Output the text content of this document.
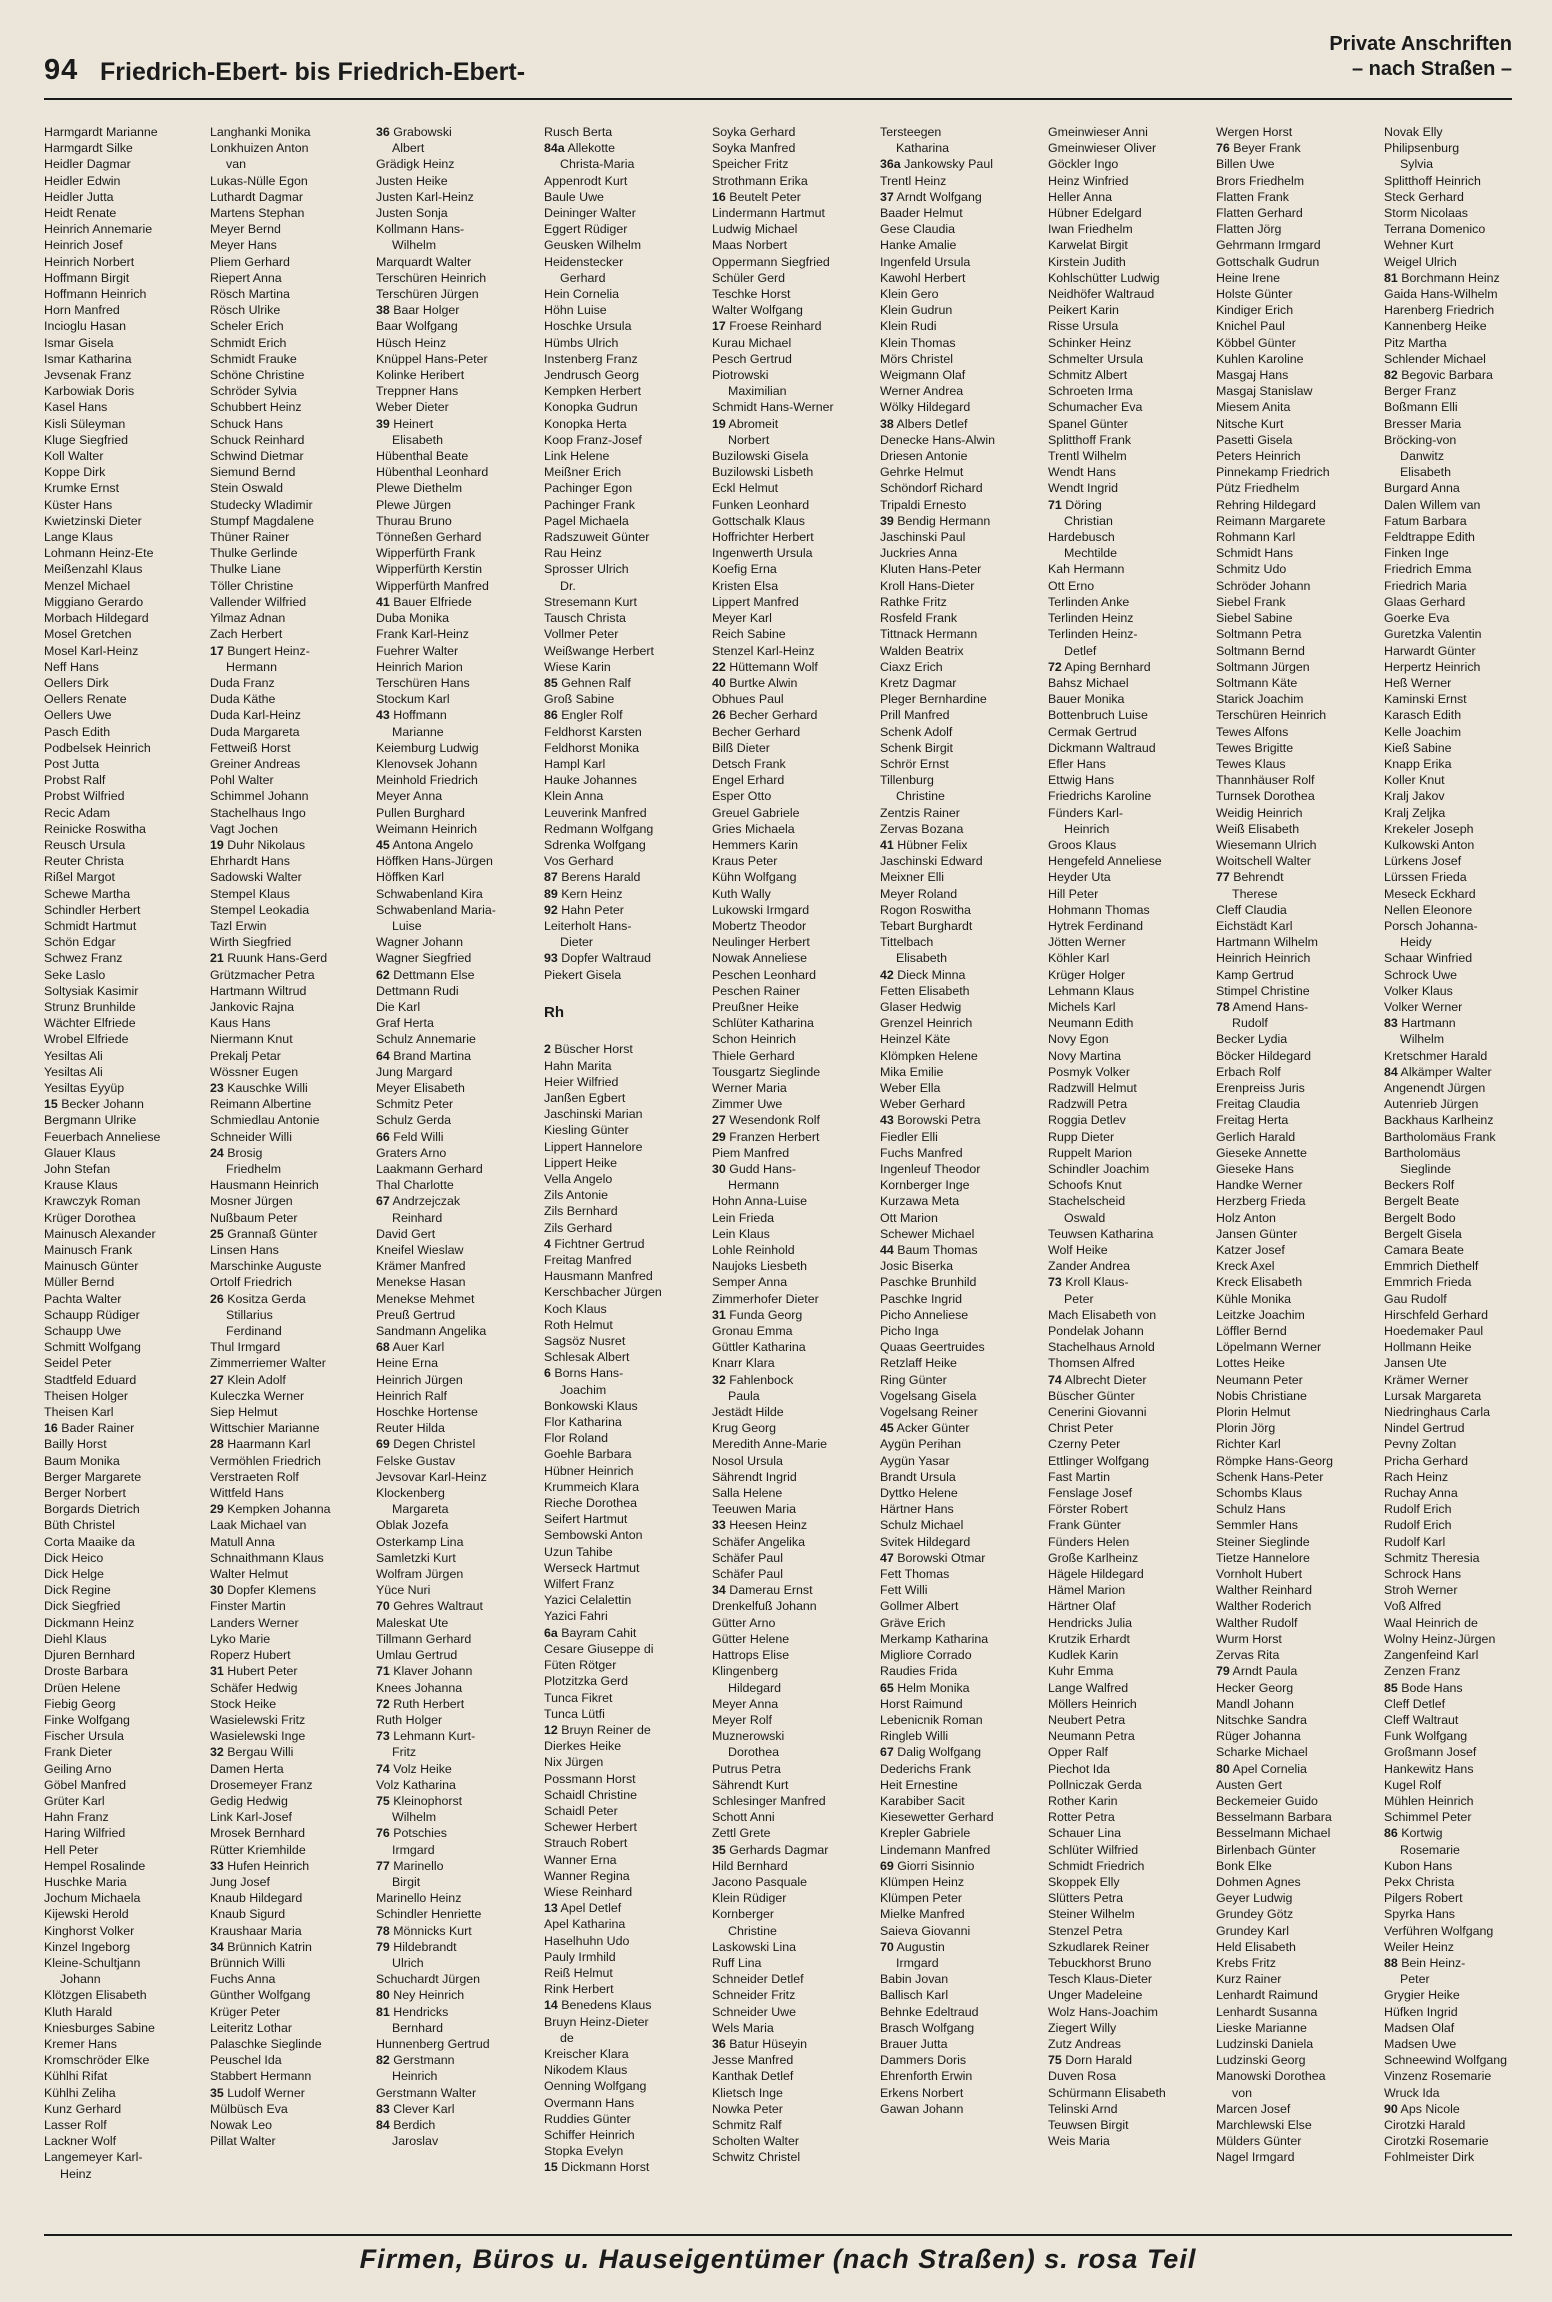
94 Friedrich-Ebert- bis Friedrich-Ebert-
Private Anschriften
– nach Straßen –
Harmgardt Marianne
Harmgardt Silke
Heidler Dagmar
Heidler Edwin
Heidler Jutta
Heidt Renate
Heinrich Annemarie
Heinrich Josef
Heinrich Norbert
Hoffmann Birgit
Hoffmann Heinrich
Horn Manfred
Incioglu Hasan
Ismar Gisela
Ismar Katharina
Jevsenak Franz
Karbowiak Doris
Kasel Hans
Kisli Süleyman
Kluge Siegfried
Koll Walter
Koppe Dirk
Krumke Ernst
Küster Hans
Kwietzinski Dieter
Lange Klaus
Lohmann Heinz-Ete
Meißenzahl Klaus
Menzel Michael
Miggiano Gerardo
Morbach Hildegard
Mosel Gretchen
Mosel Karl-Heinz
Neff Hans
Oellers Dirk
Oellers Renate
Oellers Uwe
Pasch Edith
Podbelsek Heinrich
Post Jutta
Probst Ralf
Probst Wilfried
Recic Adam
Reinicke Roswitha
Reusch Ursula
Reuter Christa
Rißel Margot
Schewe Martha
Schindler Herbert
Schmidt Hartmut
Schön Edgar
Schwez Franz
Seke Laslo
Soltysiak Kasimir
Strunz Brunhilde
Wächter Elfriede
Wrobel Elfriede
Yesiltas Ali
Yesiltas Ali
Yesiltas Eyyüp
15 Becker Johann
Bergmann Ulrike
Feuerbach Anneliese
Glauer Klaus
John Stefan
Krause Klaus
Krawczyk Roman
Krüger Dorothea
Mainusch Alexander
Mainusch Frank
Mainusch Günter
Müller Bernd
Pachta Walter
Schaupp Rüdiger
Schaupp Uwe
Schmitt Wolfgang
Seidel Peter
Stadtfeld Eduard
Theisen Holger
Theisen Karl
16 Bader Rainer
Bailly Horst
Baum Monika
Berger Margarete
Berger Norbert
Borgards Dietrich
Büth Christel
Corta Maaike da
Dick Heico
Dick Helge
Dick Regine
Dick Siegfried
Dickmann Heinz
Diehl Klaus
Djuren Bernhard
Droste Barbara
Drüen Helene
Fiebig Georg
Finke Wolfgang
Fischer Ursula
Frank Dieter
Geiling Arno
Göbel Manfred
Grüter Karl
Hahn Franz
Haring Wilfried
Hell Peter
Hempel Rosalinde
Huschke Maria
Jochum Michaela
Kijewski Herold
Kinghorst Volker
Kinzel Ingeborg
Kleine-Schultjann
Johann
Klötzgen Elisabeth
Kluth Harald
Kniesburges Sabine
Kremer Hans
Kromschröder Elke
Kühlhi Rifat
Kühlhi Zeliha
Kunz Gerhard
Lasser Rolf
Lackner Wolf
Langemeyer Karl-
Heinz
Langhanki Monika
Lonkhuizen Anton
van
Lukas-Nülle Egon
Luthardt Dagmar
Martens Stephan
Meyer Bernd
Meyer Hans
Pliem Gerhard
Riepert Anna
Rösch Martina
Rösch Ulrike
Scheler Erich
Schmidt Erich
Schmidt Frauke
Schöne Christine
Schröder Sylvia
Schubbert Heinz
Schuck Hans
Schuck Reinhard
Schwind Dietmar
Siemund Bernd
Stein Oswald
Studecky Wladimir
Stumpf Magdalene
Thüner Rainer
Thulke Gerlinde
Thulke Liane
Töller Christine
Vallender Wilfried
Yilmaz Adnan
Zach Herbert
17 Bungert Heinz-
Hermann
Duda Franz
Duda Käthe
Duda Karl-Heinz
Duda Margareta
Fettweiß Horst
Greiner Andreas
Pohl Walter
Schimmel Johann
Stachelhaus Ingo
Vagt Jochen
19 Duhr Nikolaus
Ehrhardt Hans
Sadowski Walter
Stempel Klaus
Stempel Leokadia
Tazl Erwin
Wirth Siegfried
21 Ruunk Hans-Gerd
Grützmacher Petra
Hartmann Wiltrud
Jankovic Rajna
Kaus Hans
Niermann Knut
Prekalj Petar
Wössner Eugen
23 Kauschke Willi
Reimann Albertine
Schmiedlau Antonie
Schneider Willi
24 Brosig
Friedhelm
Hausmann Heinrich
Mosner Jürgen
Nußbaum Peter
25 Grannaß Günter
Linsen Hans
Marschinke Auguste
Ortolf Friedrich
26 Kositza Gerda
Stillarius
Ferdinand
Thul Irmgard
Zimmerriemer Walter
27 Klein Adolf
Kuleczka Werner
Siep Helmut
Wittschier Marianne
28 Haarmann Karl
Vermöhlen Friedrich
Verstraeten Rolf
Wittfeld Hans
29 Kempken Johanna
Laak Michael van
Matull Anna
Schnaithmann Klaus
Walter Helmut
30 Dopfer Klemens
Finster Martin
Landers Werner
Lyko Marie
Roperz Hubert
31 Hubert Peter
Schäfer Hedwig
Stock Heike
Wasielewski Fritz
Wasielewski Inge
32 Bergau Willi
Damen Herta
Drosemeyer Franz
Gedig Hedwig
Link Karl-Josef
Mrosek Bernhard
Rütter Kriemhilde
33 Hufen Heinrich
Jung Josef
Knaub Hildegard
Knaub Sigurd
Kraushaar Maria
34 Brünnich Katrin
Brünnich Willi
Fuchs Anna
Günther Wolfgang
Krüger Peter
Leiteritz Lothar
Palaschke Sieglinde
Peuschel Ida
Stabbert Hermann
35 Ludolf Werner
Mülbüsch Eva
Nowak Leo
Pillat Walter
36 Grabowski
Albert
Grädigk Heinz
Justen Heike
Justen Karl-Heinz
Justen Sonja
Kollmann Hans-
Wilhelm
Marquardt Walter
Terschüren Heinrich
Terschüren Jürgen
38 Baar Holger
Baar Wolfgang
Hüsch Heinz
Knüppel Hans-Peter
Kolinke Heribert
Treppner Hans
Weber Dieter
39 Heinert
Elisabeth
Hübenthal Beate
Hübenthal Leonhard
Plewe Diethelm
Plewe Jürgen
Thurau Bruno
Tönneßen Gerhard
Wipperfürth Frank
Wipperfürth Kerstin
Wipperfürth Manfred
41 Bauer Elfriede
Duba Monika
Frank Karl-Heinz
Fuehrer Walter
Heinrich Marion
Terschüren Hans
Stockum Karl
43 Hoffmann
Marianne
Keiemburg Ludwig
Klenovsek Johann
Meinhold Friedrich
Meyer Anna
Pullen Burghard
Weimann Heinrich
45 Antona Angelo
Höffken Hans-Jürgen
Höffken Karl
Schwabenland Kira
Schwabenland Maria-
Luise
Wagner Johann
Wagner Siegfried
62 Dettmann Else
Dettmann Rudi
Die Karl
Graf Herta
Schulz Annemarie
64 Brand Martina
Jung Margard
Meyer Elisabeth
Schmitz Peter
Schulz Gerda
66 Feld Willi
Graters Arno
Laakmann Gerhard
Thal Charlotte
67 Andrzejczak
Reinhard
David Gert
Kneifel Wieslaw
Krämer Manfred
Menekse Hasan
Menekse Mehmet
Preuß Gertrud
Sandmann Angelika
68 Auer Karl
Heine Erna
Heinrich Jürgen
Heinrich Ralf
Hoschke Hortense
Reuter Hilda
69 Degen Christel
Felske Gustav
Jevsovar Karl-Heinz
Klockenberg
Margareta
Oblak Jozefa
Osterkamp Lina
Samletzki Kurt
Wolfram Jürgen
Yüce Nuri
70 Gehres Waltraut
Maleskat Ute
Tillmann Gerhard
Umlau Gertrud
71 Klaver Johann
Knees Johanna
72 Ruth Herbert
Ruth Holger
73 Lehmann Kurt-
Fritz
74 Volz Heike
Volz Katharina
75 Kleinophorst
Wilhelm
76 Potschies
Irmgard
77 Marinello
Birgit
Marinello Heinz
Schindler Henriette
78 Mönnicks Kurt
79 Hildebrandt
Ulrich
Schuchardt Jürgen
80 Ney Heinrich
81 Hendricks
Bernhard
Hunnenberg Gertrud
82 Gerstmann
Heinrich
Gerstmann Walter
83 Clever Karl
84 Berdich
Jaroslav
Rusch Berta
84a Allekotte
Christa-Maria
Appenrodt Kurt
Baule Uwe
Deininger Walter
Eggert Rüdiger
Geusken Wilhelm
Heidenstecker
Gerhard
Hein Cornelia
Höhn Luise
Hoschke Ursula
Hümbs Ulrich
Instenberg Franz
Jendrusch Georg
Kempken Herbert
Konopka Gudrun
Konopka Herta
Koop Franz-Josef
Link Helene
Meißner Erich
Pachinger Egon
Pachinger Frank
Pagel Michaela
Radszuweit Günter
Rau Heinz
Sprosser Ulrich
Dr.
Stresemann Kurt
Tausch Christa
Vollmer Peter
Weißwange Herbert
Wiese Karin
85 Gehnen Ralf
Groß Sabine
86 Engler Rolf
Feldhorst Karsten
Feldhorst Monika
Hampl Karl
Hauke Johannes
Klein Anna
Leuverink Manfred
Redmann Wolfgang
Sdrenka Wolfgang
Vos Gerhard
87 Berens Harald
89 Kern Heinz
92 Hahn Peter
Leiterholt Hans-
Dieter
93 Dopfer Waltraud
Piekert Gisela

Rh

2 Büscher Horst
Hahn Marita
Heier Wilfried
Janßen Egbert
Jaschinski Marian
Kiesling Günter
Lippert Hannelore
Lippert Heike
Vella Angelo
Zils Antonie
Zils Bernhard
Zils Gerhard
4 Fichtner Gertrud
Freitag Manfred
Hausmann Manfred
Kerschbacher Jürgen
Koch Klaus
Roth Helmut
Sagsöz Nusret
Schlesak Albert
6 Borns Hans-
Joachim
Bonkowski Klaus
Flor Katharina
Flor Roland
Goehle Barbara
Hübner Heinrich
Krummeich Klara
Rieche Dorothea
Seifert Hartmut
Sembowski Anton
Uzun Tahibe
Werseck Hartmut
Wilfert Franz
Yazici Celalettin
Yazici Fahri
6a Bayram Cahit
Cesare Giuseppe di
Füten Rötger
Plotzitzka Gerd
Tunca Fikret
Tunca Lütfi
12 Bruyn Reiner de
Dierkes Heike
Nix Jürgen
Possmann Horst
Schaidl Christine
Schaidl Peter
Schewer Herbert
Strauch Robert
Wanner Erna
Wanner Regina
Wiese Reinhard
13 Apel Detlef
Apel Katharina
Haselhuhn Udo
Pauly Irmhild
Reiß Helmut
Rink Herbert
14 Benedens Klaus
Bruyn Heinz-Dieter
de
Kreischer Klara
Nikodem Klaus
Oenning Wolfgang
Overmann Hans
Ruddies Günter
Schiffer Heinrich
Stopka Evelyn
15 Dickmann Horst
Soyka Gerhard
Soyka Manfred
Speicher Fritz
Strothmann Erika
16 Beutelt Peter
Lindermann Hartmut
Ludwig Michael
Maas Norbert
Oppermann Siegfried
Schüler Gerd
Teschke Horst
Walter Wolfgang
17 Froese Reinhard
Kurau Michael
Pesch Gertrud
Piotrowski
Maximilian
Schmidt Hans-Werner
19 Abromeit
Norbert
Buzilowski Gisela
Buzilowski Lisbeth
Eckl Helmut
Funken Leonhard
Gottschalk Klaus
Hoffrichter Herbert
Ingenwerth Ursula
Koefig Erna
Kristen Elsa
Lippert Manfred
Meyer Karl
Reich Sabine
Stenzel Karl-Heinz
22 Hüttemann Wolf
40 Burtke Alwin
Obhues Paul
26 Becher Gerhard
Becher Gerhard
Bilß Dieter
Detsch Frank
Engel Erhard
Esper Otto
Greuel Gabriele
Gries Michaela
Hemmers Karin
Kraus Peter
Kühn Wolfgang
Kuth Wally
Lukowski Irmgard
Mobertz Theodor
Neulinger Herbert
Nowak Anneliese
Peschen Leonhard
Peschen Rainer
Preußner Heike
Schlüter Katharina
Schon Heinrich
Thiele Gerhard
Tousgartz Sieglinde
Werner Maria
Zimmer Uwe
27 Wesendonk Rolf
29 Franzen Herbert
Piem Manfred
30 Gudd Hans-
Hermann
Hohn Anna-Luise
Lein Frieda
Lein Klaus
Lohle Reinhold
Naujoks Liesbeth
Semper Anna
Zimmerhofer Dieter
31 Funda Georg
Gronau Emma
Güttler Katharina
Knarr Klara
32 Fahlenbock
Paula
Jestädt Hilde
Krug Georg
Meredith Anne-Marie
Nosol Ursula
Sährendt Ingrid
Salla Helene
Teeuwen Maria
33 Heesen Heinz
Schäfer Angelika
Schäfer Paul
Schäfer Paul
34 Damerau Ernst
Drenkelfuß Johann
Gütter Arno
Gütter Helene
Hattrops Elise
Klingenberg
Hildegard
Meyer Anna
Meyer Rolf
Muznerowski
Dorothea
Putrus Petra
Sährendt Kurt
Schlesinger Manfred
Schott Anni
Zettl Grete
35 Gerhards Dagmar
Hild Bernhard
Jacono Pasquale
Klein Rüdiger
Kornberger
Christine
Laskowski Lina
Ruff Lina
Schneider Detlef
Schneider Fritz
Schneider Uwe
Wels Maria
36 Batur Hüseyin
Jesse Manfred
Kanthak Detlef
Klietsch Inge
Nowka Peter
Schmitz Ralf
Scholten Walter
Schwitz Christel
Tersteegen
Katharina
36a Jankowsky Paul
Trentl Heinz
37 Arndt Wolfgang
Baader Helmut
Gese Claudia
Hanke Amalie
Ingenfeld Ursula
Kawohl Herbert
Klein Gero
Klein Gudrun
Klein Rudi
Klein Thomas
Mörs Christel
Weigmann Olaf
Werner Andrea
Wölky Hildegard
38 Albers Detlef
Denecke Hans-Alwin
Driesen Antonie
Gehrke Helmut
Schöndorf Richard
Tripaldi Ernesto
39 Bendig Hermann
Jaschinski Paul
Juckries Anna
Kluten Hans-Peter
Kroll Hans-Dieter
Rathke Fritz
Rosfeld Frank
Tittnack Hermann
Walden Beatrix
Ciaxz Erich
Kretz Dagmar
Pleger Bernhardine
Prill Manfred
Schenk Adolf
Schenk Birgit
Schrör Ernst
Tillenburg
Christine
Zentzis Rainer
Zervas Bozana
41 Hübner Felix
Jaschinski Edward
Meixner Elli
Meyer Roland
Rogon Roswitha
Tebart Burghardt
Tittelbach
Elisabeth
42 Dieck Minna
Fetten Elisabeth
Glaser Hedwig
Grenzel Heinrich
Heinzel Käte
Klömpken Helene
Mika Emilie
Weber Ella
Weber Gerhard
43 Borowski Petra
Fiedler Elli
Fuchs Manfred
Ingenleuf Theodor
Kornberger Inge
Kurzawa Meta
Ott Marion
Schewer Michael
44 Baum Thomas
Josic Biserka
Paschke Brunhild
Paschke Ingrid
Picho Anneliese
Picho Inga
Quaas Geertruides
Retzlaff Heike
Ring Günter
Vogelsang Gisela
Vogelsang Reiner
45 Acker Günter
Aygün Perihan
Aygün Yasar
Brandt Ursula
Dyttko Helene
Härtner Hans
Schulz Michael
Svitek Hildegard
47 Borowski Otmar
Fett Thomas
Fett Willi
Gollmer Albert
Gräve Erich
Merkamp Katharina
Migliore Corrado
Raudies Frida
65 Helm Monika
Horst Raimund
Lebenicnik Roman
Ringleb Willi
67 Dalig Wolfgang
Dederichs Frank
Heit Ernestine
Karabiber Sacit
Kiesewetter Gerhard
Krepler Gabriele
Lindemann Manfred
69 Giorri Sisinnio
Klümpen Heinz
Klümpen Peter
Mielke Manfred
Saieva Giovanni
70 Augustin
Irmgard
Babin Jovan
Ballisch Karl
Behnke Edeltraud
Brasch Wolfgang
Brauer Jutta
Dammers Doris
Ehrenforth Erwin
Erkens Norbert
Gawan Johann
Gmeinwieser Anni
Gmeinwieser Oliver
Göckler Ingo
Heinz Winfried
Heller Anna
Hübner Edelgard
Iwan Friedhelm
Karwelat Birgit
Kirstein Judith
Kohlschütter Ludwig
Neidhöfer Waltraud
Peikert Karin
Risse Ursula
Schinker Heinz
Schmelter Ursula
Schmitz Albert
Schroeten Irma
Schumacher Eva
Spanel Günter
Splitthoff Frank
Trentl Wilhelm
Wendt Hans
Wendt Ingrid
71 Döring
Christian
Hardebusch
Mechtilde
Kah Hermann
Ott Erno
Terlinden Anke
Terlinden Heinz
Terlinden Heinz-
Detlef
72 Aping Bernhard
Bahsz Michael
Bauer Monika
Bottenbruch Luise
Cermak Gertrud
Dickmann Waltraud
Efler Hans
Ettwig Hans
Friedrichs Karoline
Fünders Karl-
Heinrich
Groos Klaus
Hengefeld Anneliese
Heyder Uta
Hill Peter
Hohmann Thomas
Hytrek Ferdinand
Jötten Werner
Köhler Karl
Krüger Holger
Lehmann Klaus
Michels Karl
Neumann Edith
Novy Egon
Novy Martina
Posmyk Volker
Radzwill Helmut
Radzwill Petra
Roggia Detlev
Rupp Dieter
Ruppelt Marion
Schindler Joachim
Schoofs Knut
Stachelscheid
Oswald
Teuwsen Katharina
Wolf Heike
Zander Andrea
73 Kroll Klaus-
Peter
Mach Elisabeth von
Pondelak Johann
Stachelhaus Arnold
Thomsen Alfred
74 Albrecht Dieter
Büscher Günter
Cenerini Giovanni
Christ Peter
Czerny Peter
Ettlinger Wolfgang
Fast Martin
Fenslage Josef
Förster Robert
Frank Günter
Fünders Helen
Große Karlheinz
Hägele Hildegard
Hämel Marion
Härtner Olaf
Hendricks Julia
Krutzik Erhardt
Kudlek Karin
Kuhr Emma
Lange Walfred
Möllers Heinrich
Neubert Petra
Neumann Petra
Opper Ralf
Piechot Ida
Pollniczak Gerda
Rother Karin
Rotter Petra
Schauer Lina
Schlüter Wilfried
Schmidt Friedrich
Skoppek Elly
Slütters Petra
Steiner Wilhelm
Stenzel Petra
Szkudlarek Reiner
Tebuckhorst Bruno
Tesch Klaus-Dieter
Unger Madeleine
Wolz Hans-Joachim
Ziegert Willy
Zutz Andreas
75 Dorn Harald
Duven Rosa
Schürmann Elisabeth
Telinski Arnd
Teuwsen Birgit
Weis Maria
Wergen Horst
76 Beyer Frank
Billen Uwe
Brors Friedhelm
Flatten Frank
Flatten Gerhard
Flatten Jörg
Gehrmann Irmgard
Gottschalk Gudrun
Heine Irene
Holste Günter
Kindiger Erich
Knichel Paul
Köbbel Günter
Kuhlen Karoline
Masgaj Hans
Masgaj Stanislaw
Miesem Anita
Nitsche Kurt
Pasetti Gisela
Peters Heinrich
Pinnekamp Friedrich
Pütz Friedhelm
Rehring Hildegard
Reimann Margarete
Rohmann Karl
Schmidt Hans
Schmitz Udo
Schröder Johann
Siebel Frank
Siebel Sabine
Soltmann Petra
Soltmann Bernd
Soltmann Jürgen
Soltmann Käte
Starick Joachim
Terschüren Heinrich
Tewes Alfons
Tewes Brigitte
Tewes Klaus
Thannhäuser Rolf
Turnsek Dorothea
Weidig Heinrich
Weiß Elisabeth
Wiesemann Ulrich
Woitschell Walter
77 Behrendt
Therese
Cleff Claudia
Eichstädt Karl
Hartmann Wilhelm
Heinrich Heinrich
Kamp Gertrud
Stimpel Christine
78 Amend Hans-
Rudolf
Becker Lydia
Böcker Hildegard
Erbach Rolf
Erenpreiss Juris
Freitag Claudia
Freitag Herta
Gerlich Harald
Gieseke Annette
Gieseke Hans
Handke Werner
Herzberg Frieda
Holz Anton
Jansen Günter
Katzer Josef
Kreck Axel
Kreck Elisabeth
Kühle Monika
Leitzke Joachim
Löffler Bernd
Löpelmann Werner
Lottes Heike
Neumann Peter
Nobis Christiane
Plorin Helmut
Plorin Jörg
Richter Karl
Römpke Hans-Georg
Schenk Hans-Peter
Schombs Klaus
Schulz Hans
Semmler Hans
Steiner Sieglinde
Tietze Hannelore
Vornholt Hubert
Walther Reinhard
Walther Roderich
Walther Rudolf
Wurm Horst
Zervas Rita
79 Arndt Paula
Hecker Georg
Mandl Johann
Nitschke Sandra
Rüger Johanna
Scharke Michael
80 Apel Cornelia
Austen Gert
Beckemeier Guido
Besselmann Barbara
Besselmann Michael
Birlenbach Günter
Bonk Elke
Dohmen Agnes
Geyer Ludwig
Grundey Götz
Grundey Karl
Held Elisabeth
Krebs Fritz
Kurz Rainer
Lenhardt Raimund
Lenhardt Susanna
Lieske Marianne
Ludzinski Daniela
Ludzinski Georg
Manowski Dorothea
von
Marcen Josef
Marchlewski Else
Mülders Günter
Nagel Irmgard
Novak Elly
Philipsenburg
Sylvia
Splitthoff Heinrich
Steck Gerhard
Storm Nicolaas
Terrana Domenico
Wehner Kurt
Weigel Ulrich
81 Borchmann Heinz
Gaida Hans-Wilhelm
Harenberg Friedrich
Kannenberg Heike
Pitz Martha
Schlender Michael
82 Begovic Barbara
Berger Franz
Boßmann Elli
Bresser Maria
Bröcking-von
Danwitz
Elisabeth
Burgard Anna
Dalen Willem van
Fatum Barbara
Feldtrappe Edith
Finken Inge
Friedrich Emma
Friedrich Maria
Glaas Gerhard
Goerke Eva
Guretzka Valentin
Harwardt Günter
Herpertz Heinrich
Heß Werner
Kaminski Ernst
Karasch Edith
Kelle Joachim
Kieß Sabine
Knapp Erika
Koller Knut
Kralj Jakov
Kralj Zeljka
Krekeler Joseph
Kulkowski Anton
Lürkens Josef
Lürssen Frieda
Meseck Eckhard
Nellen Eleonore
Porsch Johanna-
Heidy
Schaar Winfried
Schrock Uwe
Volker Klaus
Volker Werner
83 Hartmann
Wilhelm
Kretschmer Harald
84 Alkämper Walter
Angenendt Jürgen
Autenrieb Jürgen
Backhaus Karlheinz
Bartholomäus Frank
Bartholomäus
Sieglinde
Beckers Rolf
Bergelt Beate
Bergelt Bodo
Bergelt Gisela
Camara Beate
Emmrich Diethelf
Emmrich Frieda
Gau Rudolf
Hirschfeld Gerhard
Hoedemaker Paul
Hollmann Heike
Jansen Ute
Krämer Werner
Lursak Margareta
Niedringhaus Carla
Nindel Gertrud
Pevny Zoltan
Pricha Gerhard
Rach Heinz
Ruchay Anna
Rudolf Erich
Rudolf Erich
Rudolf Karl
Schmitz Theresia
Schrock Hans
Stroh Werner
Voß Alfred
Waal Heinrich de
Wolny Heinz-Jürgen
Zangenfeind Karl
Zenzen Franz
85 Bode Hans
Cleff Detlef
Cleff Waltraut
Funk Wolfgang
Großmann Josef
Hankewitz Hans
Kugel Rolf
Mühlen Heinrich
Schimmel Peter
86 Kortwig
Rosemarie
Kubon Hans
Pekx Christa
Pilgers Robert
Spyrka Hans
Verführen Wolfgang
Weiler Heinz
88 Bein Heinz-
Peter
Grygier Heike
Hüfken Ingrid
Madsen Olaf
Madsen Uwe
Schneewind Wolfgang
Vinzenz Rosemarie
Wruck Ida
90 Aps Nicole
Cirotzki Harald
Cirotzki Rosemarie
Fohlmeister Dirk
Firmen, Büros u. Hauseigentümer (nach Straßen) s. rosa Teil
